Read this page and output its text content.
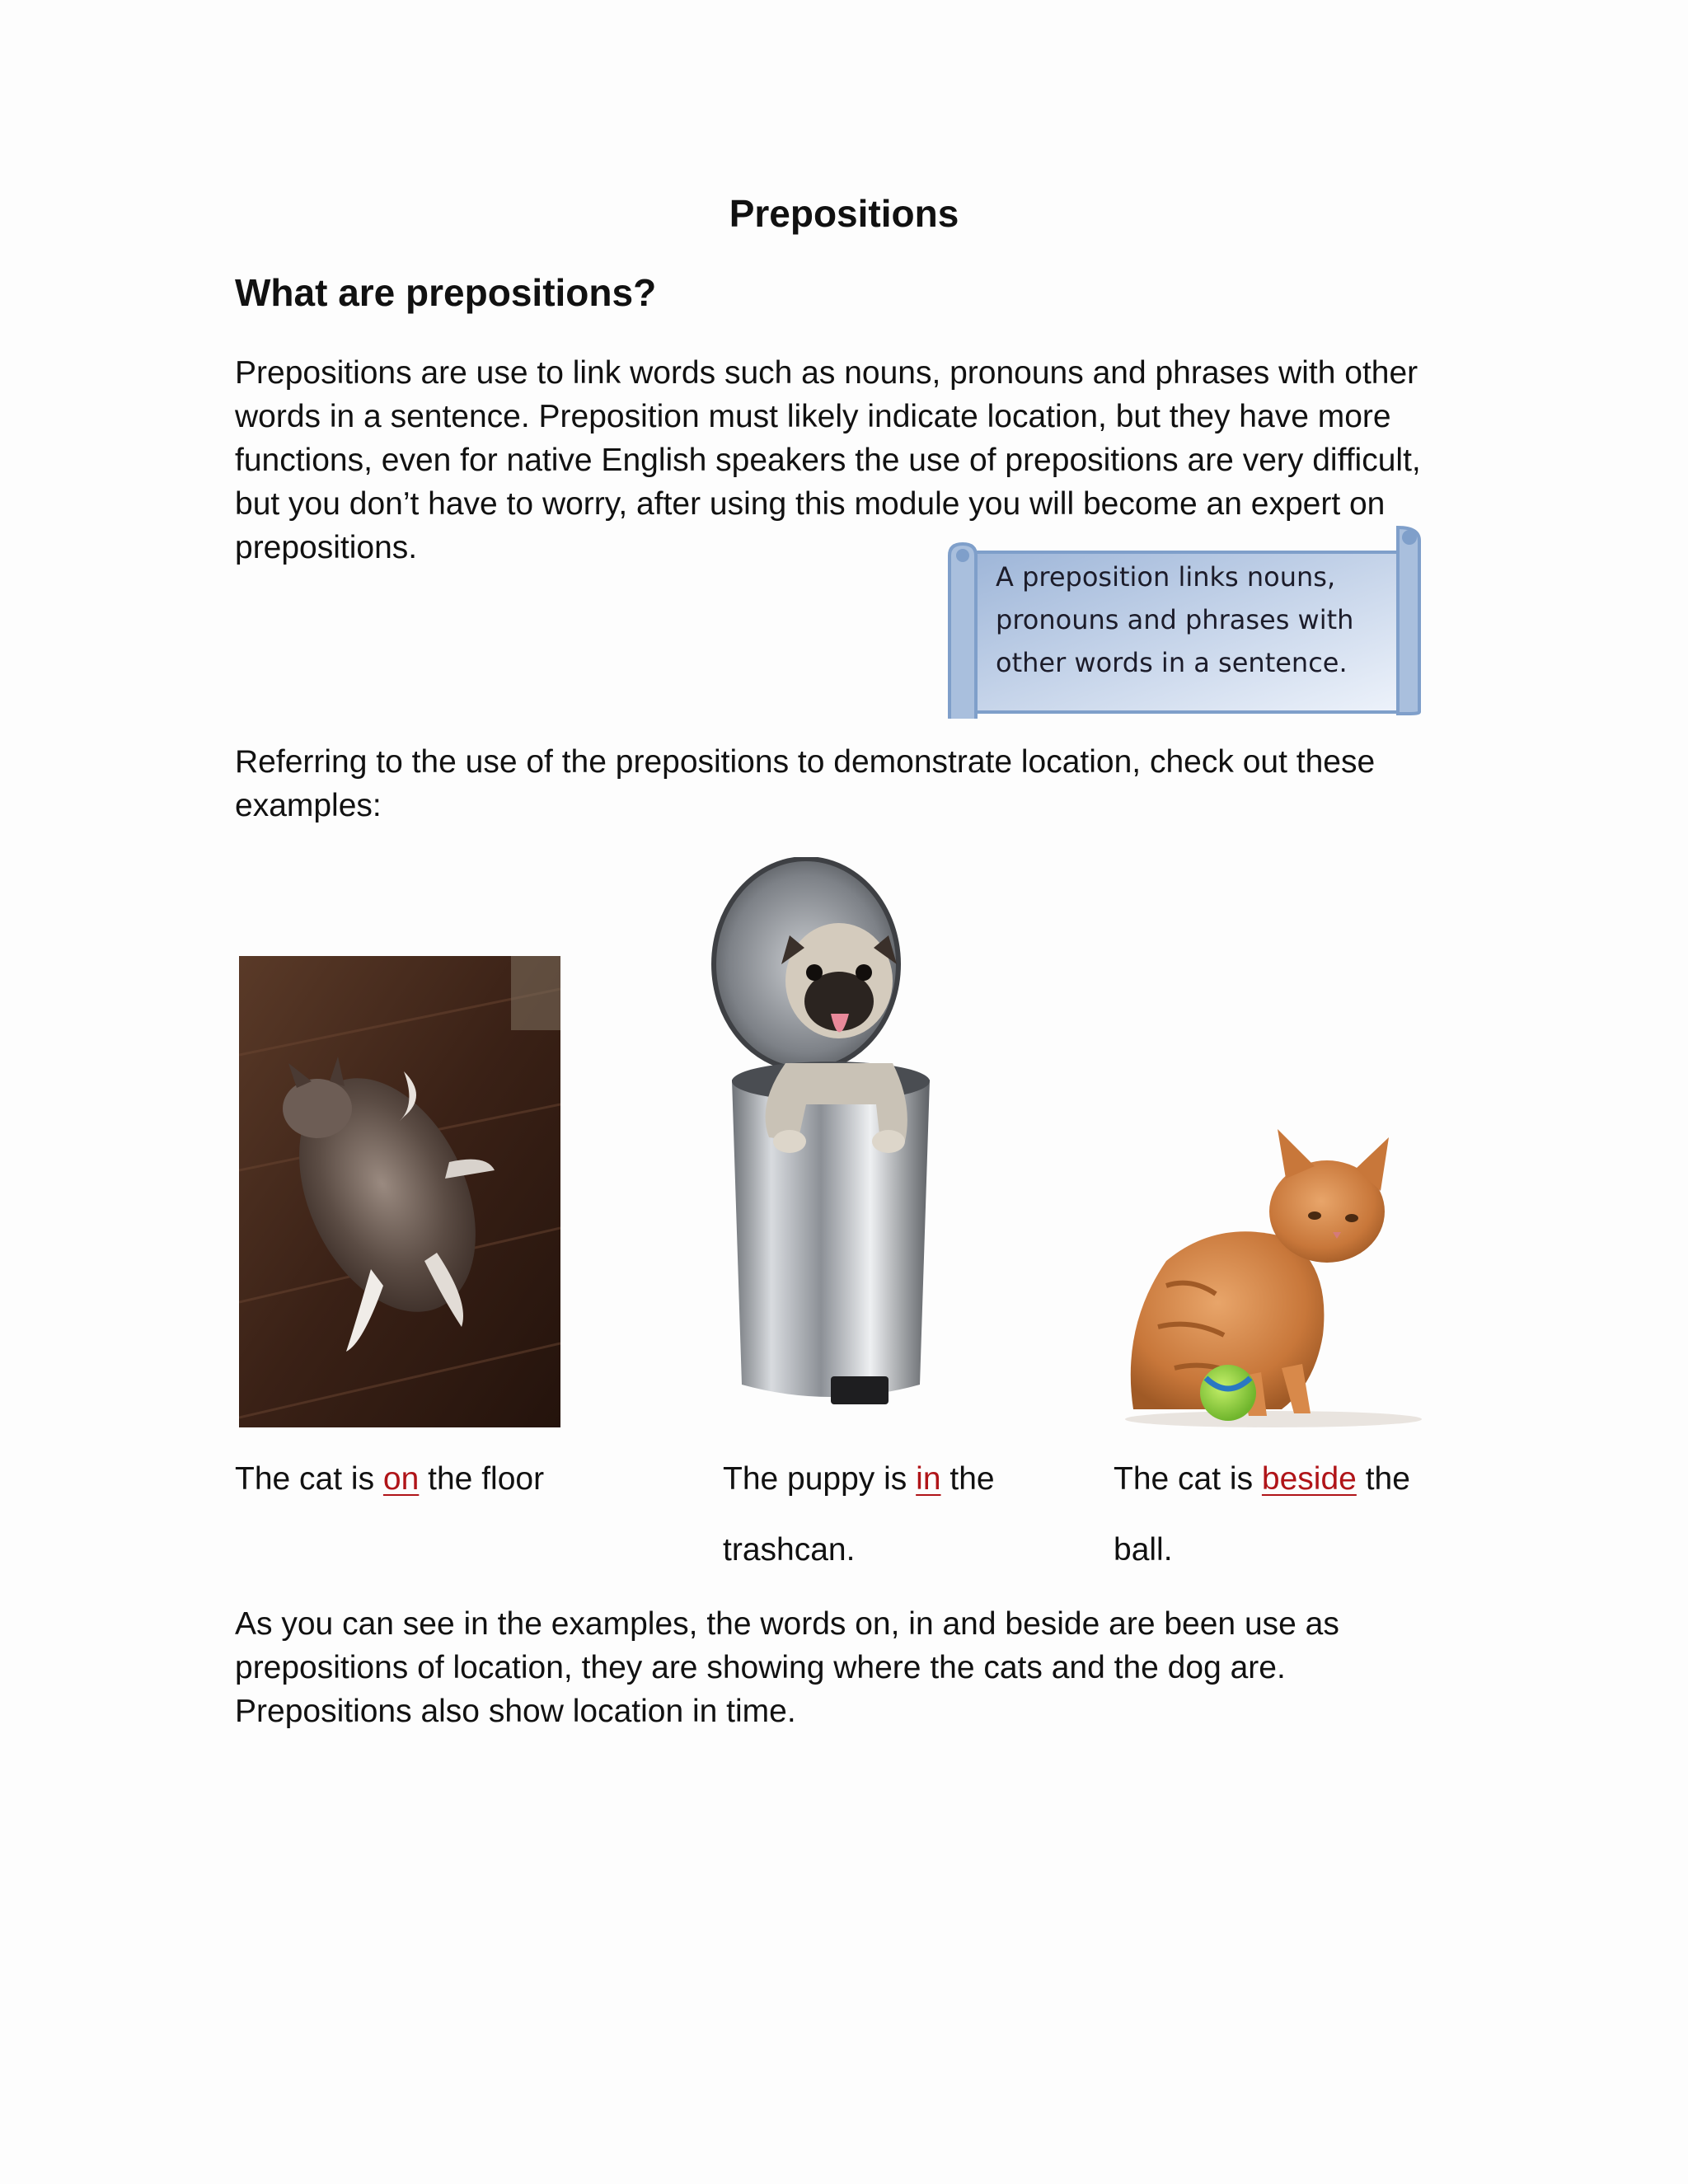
Prepositions
What are prepositions?
Prepositions are use to link words such as nouns, pronouns and phrases with other words in a sentence. Preposition must likely indicate location, but they have more functions, even for native English speakers the use of prepositions are very difficult, but you don’t have to worry, after using this module you will become an expert on prepositions.
A preposition links nouns, pronouns and phrases with other words in a sentence.
Referring to the use of the prepositions to demonstrate location, check out these examples:
The cat is on the floor	The puppy is in the trashcan.
The cat is beside the ball.
As you can see in the examples, the words on, in and beside are been use as prepositions of location, they are showing where the cats and the dog are. Prepositions also show location in time.
